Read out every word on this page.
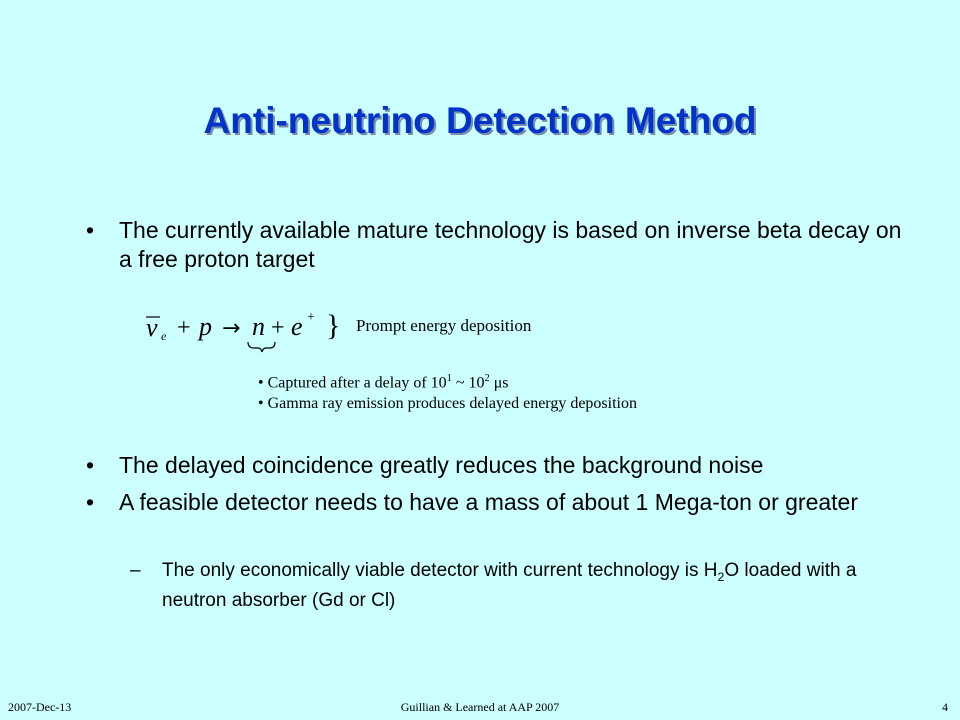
Anti-neutrino Detection Method
• The currently available mature technology is based on inverse beta decay on a free proton target
ν e + p → n + e + } Prompt energy deposition
• Captured after a delay of $10^1$ ~ $10^2$ μs
• Gamma ray emission produces delayed energy deposition
• The delayed coincidence greatly reduces the background noise
• A feasible detector needs to have a mass of about 1 Mega-ton or greater
The only economically viable detector with current technology is $H_2O$ loaded with a neutron absorber (Gd or Cl)
–
2007-Dec-13	Guillian & Learned at AAP 2007	4
